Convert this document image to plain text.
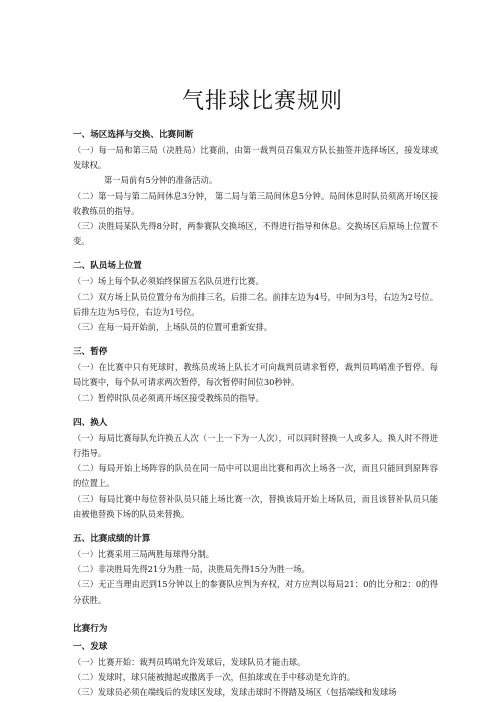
气排球比赛规则

一、场区选择与交换、比赛间断

（一）每一局和第三局（决胜局）比赛前，由第一裁判员召集双方队长抽签并选择场区，接发球或发球权。

第一局前有5分钟的准备活动。

（二）第一局与第二局间休息3分钟， 第二局与第三局间休息5分钟。局间休息时队员须离开场区接收教练员的指导。

（三）决胜局某队先得8分时，两参赛队交换场区，不得进行指导和休息。交换场区后原场上位置不变。

二、队员场上位置

（一）场上每个队必须始终保留五名队员进行比赛。

（二）双方场上队员位置分布为前排三名，后排二名。前排左边为4号，中间为3号，右边为2号位。后排左边为5号位，右边为1号位。

（三）在每一局开始前，上场队员的位置可重新安排。

三、暂停

（一）在比赛中只有死球时，教练员或场上队长才可向裁判员请求暂停，裁判员鸣哨准予暂停。每局比赛中，每个队可请求两次暂停，每次暂停时间位30秒钟。

（二）暂停时队员必须离开场区接受教练员的指导。

四、换人

（一）每局比赛每队允许换五人次（一上一下为一人次），可以同时替换一人或多人。换人时不得进行指导。

（二）每局开始上场阵容的队员在同一局中可以退出比赛和再次上场各一次，而且只能回到原阵容的位置上。

（三）每局比赛中每位替补队员只能上场比赛一次，替换该局开始上场队员，而且该替补队员只能由被他替换下场的队员来替换。

五、比赛成绩的计算

（一）比赛采用三局两胜每球得分制。

（二）非决胜局先得21分为胜一局，决胜局先得15分为胜一场。

（三）无正当理由迟到15分钟以上的参赛队应判为弃权，对方应判以每局21：0的比分和2：0的得分获胜。

比赛行为

一、发球

（一）比赛开始：裁判员鸣哨允许发球后，发球队员才能击球。

（二）发球时，球只能被抛起或撒离手一次，但拍球或在手中移动是允许的。

（三）发球员必须在端线后的发球区发球，发球击球时不得踏及场区（包括端线和发球场
